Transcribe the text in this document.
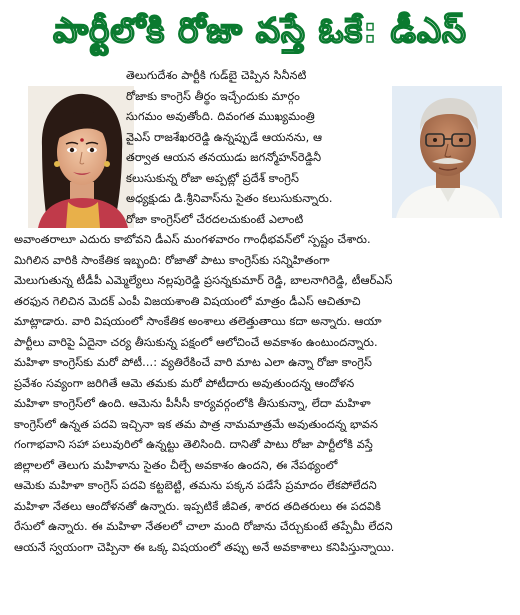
పార్టీలోకి రోజా వస్తే ఓకే: డీఎస్
తెలుగుదేశం పార్టీకి గుడ్‌బై చెప్పిన సినీనటి
రోజాకు కాంగ్రెస్ తీర్థం ఇచ్చేందుకు మార్గం
సుగమం అవుతోంది. దివంగత ముఖ్యమంత్రి
వైఎస్ రాజశేఖరరెడ్డి ఉన్నప్పుడే ఆయనను, ఆ
తర్వాత ఆయన తనయుడు జగన్మోహన్‌రెడ్డినీ
కలుసుకున్న రోజా అప్పట్లో ప్రదేశ్ కాంగ్రెస్
అధ్యక్షుడు డి.శ్రీనివాస్‌ను సైతం కలుసుకున్నారు.
రోజా కాంగ్రెస్‌లో చేరదలచుకుంటే ఎలాంటి
అవాంతరాలూ ఎదురు కాబోవని డీఎస్ మంగళవారం గాంధీభవన్‌లో స్పష్టం చేశారు.
మిగిలిన వారికి సాంకేతిక ఇబ్బంది: రోజాతో పాటు కాంగ్రెస్‌కు సన్నిహితంగా
మెలుగుతున్న టీడీపీ ఎమ్మెల్యేలు నల్లపురెడ్డి ప్రసన్నకుమార్ రెడ్డి, బాలనాగిరెడ్డి, టీఆర్ఎస్
తరఫున గెలిచిన మెదక్ ఎంపీ విజయశాంతి విషయంలో మాత్రం డీఎస్ ఆచితూచి
మాట్లాడారు. వారి విషయంలో సాంకేతిక అంశాలు తలెత్తుతాయి కదా అన్నారు. ఆయా
పార్టీలు వారిపై ఏదైనా చర్య తీసుకున్న పక్షంలో ఆలోచించే అవకాశం ఉంటుందన్నారు.
మహిళా కాంగ్రెస్‌కు మరో పోటీ...: వ్యతిరేకించే వారి మాట ఎలా ఉన్నా రోజా కాంగ్రెస్
ప్రవేశం సవ్యంగా జరిగితే ఆమె తమకు మరో పోటీదారు అవుతుందన్న ఆందోళన
మహిళా కాంగ్రెస్‌లో ఉంది. ఆమెను పీసీసీ కార్యవర్గంలోకి తీసుకున్నా, లేదా మహిళా
కాంగ్రెస్‌లో ఉన్నత పదవి ఇచ్చినా ఇక తమ పాత్ర నామమాత్రమే అవుతుందన్న భావన
గంగాభవాని సహా పలువురిలో ఉన్నట్టు తెలిసింది. దానితో పాటు రోజా పార్టీలోకి వస్తే
జిల్లాలలో తెలుగు మహిళాను సైతం చీల్చే అవకాశం ఉందని, ఈ నేపథ్యంలో
ఆమెకు మహిళా కాంగ్రెస్ పదవి కట్టబెట్టి, తమను పక్కన పడేసే ప్రమాదం లేకపోలేదని
మహిళా నేతలు ఆందోళనతో ఉన్నారు. ఇప్పటికే జీవిత, శారద తదితరులు ఈ పదవికి
రేసులో ఉన్నారు. ఈ మహిళా నేతలలో చాలా మంది రోజాను చేర్చుకుంటే తప్పేమీ లేదని
ఆయనే స్వయంగా చెప్పినా ఈ ఒక్క విషయంలో తప్పు అనే అవకాశాలు కనిపిస్తున్నాయి.
